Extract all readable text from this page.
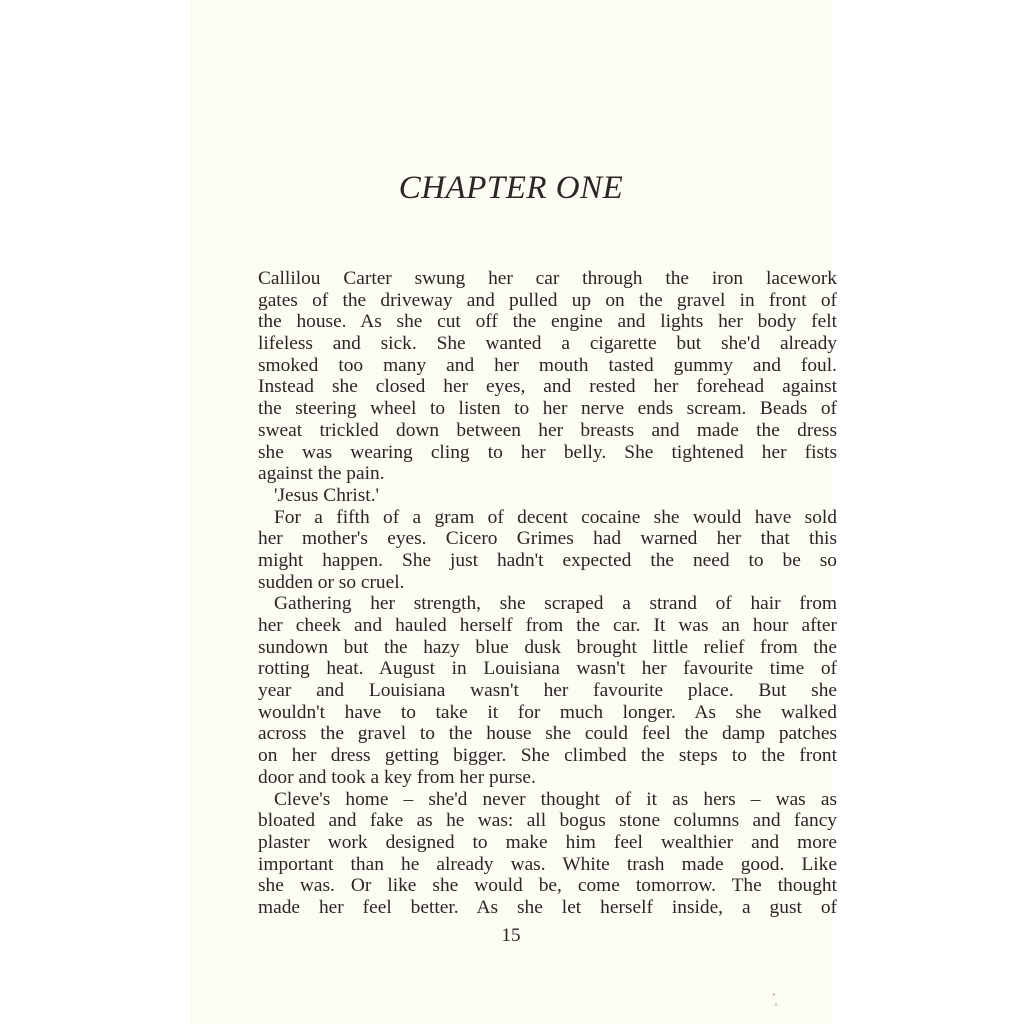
CHAPTER ONE
Callilou Carter swung her car through the iron lacework
gates of the driveway and pulled up on the gravel in front of
the house. As she cut off the engine and lights her body felt
lifeless and sick. She wanted a cigarette but she'd already
smoked too many and her mouth tasted gummy and foul.
Instead she closed her eyes, and rested her forehead against
the steering wheel to listen to her nerve ends scream. Beads of
sweat trickled down between her breasts and made the dress
she was wearing cling to her belly. She tightened her fists
against the pain.
'Jesus Christ.'
For a fifth of a gram of decent cocaine she would have sold
her mother's eyes. Cicero Grimes had warned her that this
might happen. She just hadn't expected the need to be so
sudden or so cruel.
Gathering her strength, she scraped a strand of hair from
her cheek and hauled herself from the car. It was an hour after
sundown but the hazy blue dusk brought little relief from the
rotting heat. August in Louisiana wasn't her favourite time of
year and Louisiana wasn't her favourite place. But she
wouldn't have to take it for much longer. As she walked
across the gravel to the house she could feel the damp patches
on her dress getting bigger. She climbed the steps to the front
door and took a key from her purse.
Cleve's home – she'd never thought of it as hers – was as
bloated and fake as he was: all bogus stone columns and fancy
plaster work designed to make him feel wealthier and more
important than he already was. White trash made good. Like
she was. Or like she would be, come tomorrow. The thought
made her feel better. As she let herself inside, a gust of
15
